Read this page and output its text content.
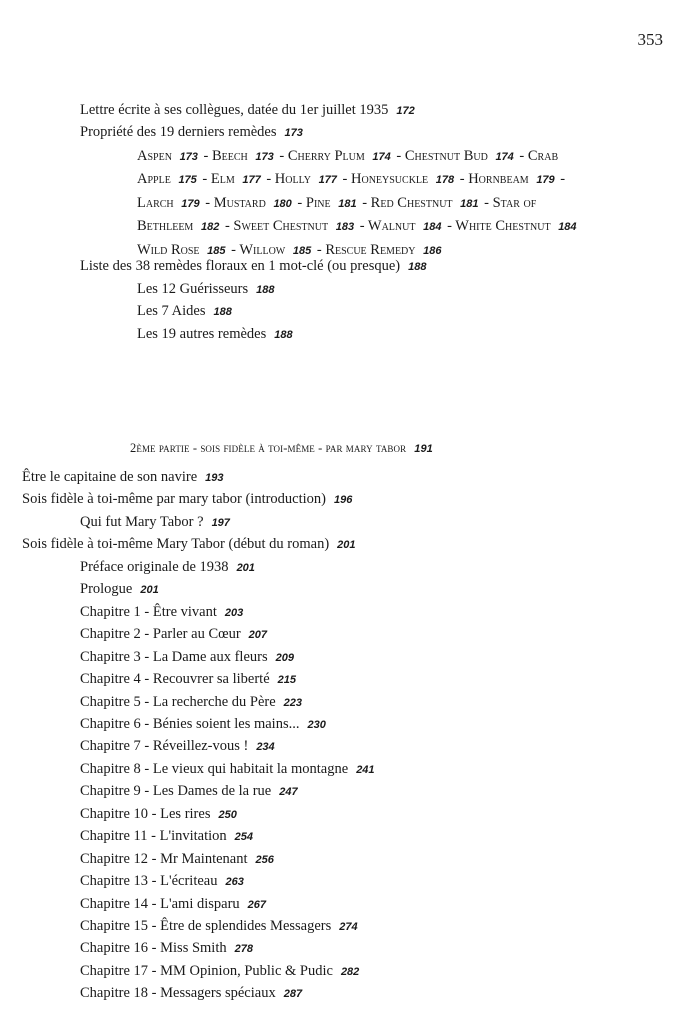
353
Lettre écrite à ses collègues, datée du 1er juillet 1935 172
Propriété des 19 derniers remèdes 173
Aspen 173 - Beech 173 - Cherry Plum 174 - Chestnut Bud 174 - Crab
Apple 175 - Elm 177 - Holly 177 - Honeysuckle 178 - Hornbeam 179 -
Larch 179 - Mustard 180 - Pine 181 - Red Chestnut 181 - Star of
Bethleem 182 - Sweet Chestnut 183 - Walnut 184 - White Chestnut 184
Wild Rose 185 - Willow 185 - Rescue Remedy 186
Liste des 38 remèdes floraux en 1 mot-clé (ou presque) 188
Les 12 Guérisseurs 188
Les 7 Aides 188
Les 19 autres remèdes 188
2ème partie - sois fidèle à toi-même - par mary tabor 191
Être le capitaine de son navire 193
Sois fidèle à toi-même par mary tabor (introduction) 196
Qui fut Mary Tabor ? 197
Sois fidèle à toi-même Mary Tabor (début du roman) 201
Préface originale de 1938 201
Prologue 201
Chapitre 1 - Être vivant 203
Chapitre 2 - Parler au Cœur 207
Chapitre 3 - La Dame aux fleurs 209
Chapitre 4 - Recouvrer sa liberté 215
Chapitre 5 - La recherche du Père 223
Chapitre 6 - Bénies soient les mains... 230
Chapitre 7 - Réveillez-vous ! 234
Chapitre 8 - Le vieux qui habitait la montagne 241
Chapitre 9 - Les Dames de la rue 247
Chapitre 10 - Les rires 250
Chapitre 11 - L'invitation 254
Chapitre 12 - Mr Maintenant 256
Chapitre 13 - L'écriteau 263
Chapitre 14 - L'ami disparu 267
Chapitre 15 - Être de splendides Messagers 274
Chapitre 16 - Miss Smith 278
Chapitre 17 - MM Opinion, Public & Pudic 282
Chapitre 18 - Messagers spéciaux 287
